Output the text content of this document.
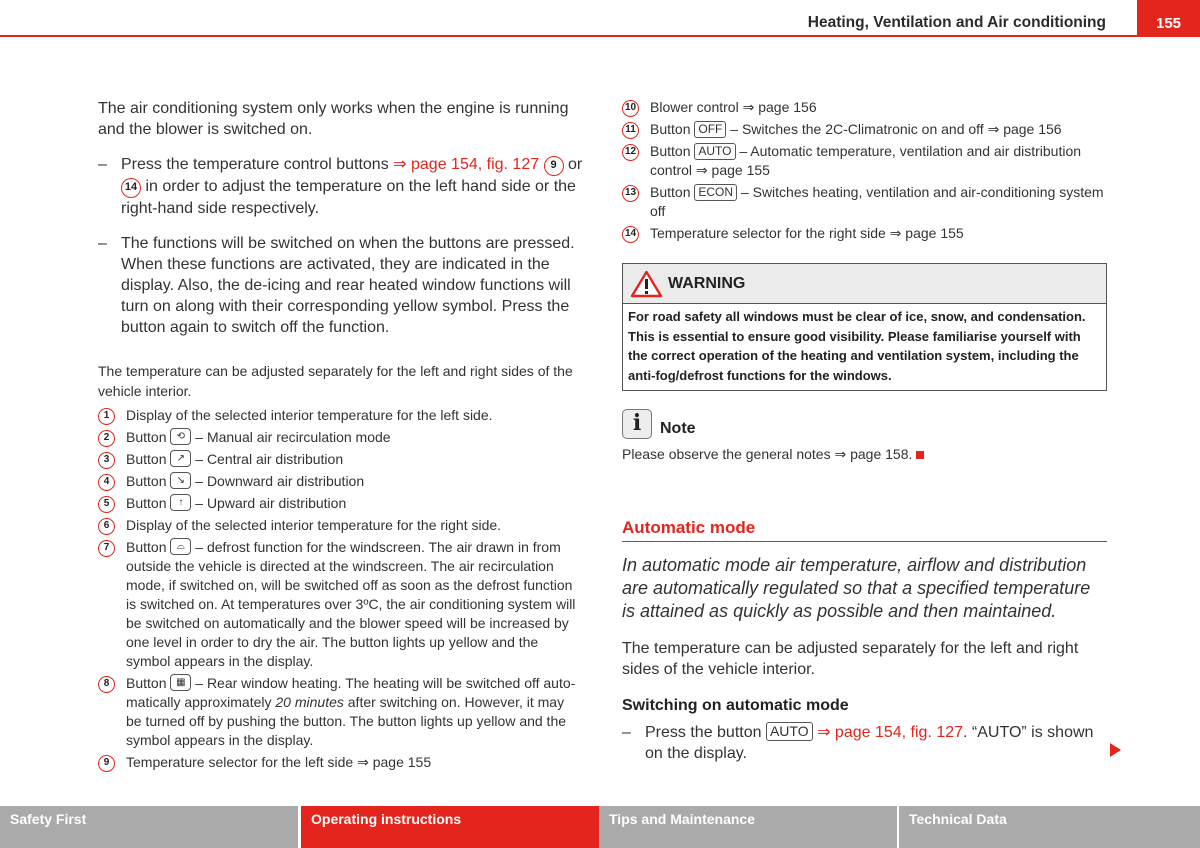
Heating, Ventilation and Air conditioning	155

The air conditioning system only works when the engine is running and the blower is switched on.

– Press the temperature control buttons ⇒ page 154, fig. 127 9 or 14 in order to adjust the temperature on the left hand side or the right-hand side respectively.
– The functions will be switched on when the buttons are pressed. When these functions are activated, they are indicated in the display. Also, the de-icing and rear heated window functions will turn on along with their corresponding yellow symbol. Press the button again to switch off the function.

The temperature can be adjusted separately for the left and right sides of the vehicle interior.

1	Display of the selected interior temperature for the left side.
2	Button	⟲ – Manual air recirculation mode
3	Button	↗ – Central air distribution
4	Button	↘ – Downward air distribution
5	Button	↑ – Upward air distribution
6	Display of the selected interior temperature for the right side.
7	Button	⌓ – defrost function for the windscreen. The air drawn in from outside the vehicle is directed at the windscreen. The air recirculation mode, if switched on, will be switched off as soon as the defrost function is switched on. At temperatures over 3ºC, the air conditioning system will be switched on automatically and the blower speed will be increased by one level in order to dry the air. The button lights up yellow and the symbol appears in the display.
8	Button ▦ – Rear window heating. The heating will be switched off automatically approximately 20 minutes after switching on. However, it may be turned off by pushing the button. The button lights up yellow and the symbol appears in the display.
9	Temperature selector for the left side ⇒ page 155
10 Blower control ⇒ page 156
11 Button OFF – Switches the 2C-Climatronic on and off ⇒ page 156
12 Button AUTO – Automatic temperature, ventilation and air distribution control ⇒ page 155
13 Button ECON – Switches heating, ventilation and air-conditioning system off
14 Temperature selector for the right side ⇒ page 155
WARNING
For road safety all windows must be clear of ice, snow, and condensation. This is essential to ensure good visibility. Please familiarise yourself with the correct operation of the heating and ventilation system, including the anti-fog/defrost functions for the windows.
i	Note

Please observe the general notes ⇒ page 158.

Automatic mode

In automatic mode air temperature, airflow and distribution are automatically regulated so that a specified temperature is attained as quickly as possible and then maintained.

The temperature can be adjusted separately for the left and right sides of the vehicle interior.

Switching on automatic mode
– Press the button AUTO ⇒ page 154, fig. 127. “AUTO” is shown on the display.
Safety First	Operating instructions	Tips and Maintenance	Technical Data
